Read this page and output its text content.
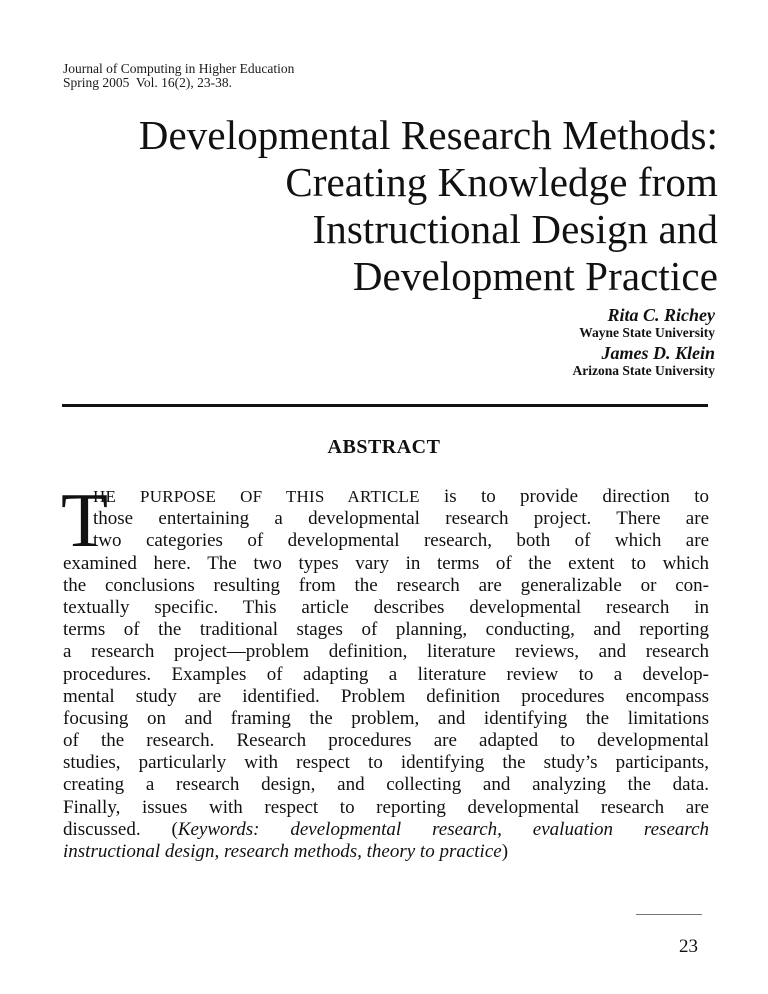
Journal of Computing in Higher Education
Spring 2005  Vol. 16(2), 23-38.
Developmental Research Methods:
Creating Knowledge from
Instructional Design and
Development Practice
Rita C. Richey
Wayne State University
James D. Klein
Arizona State University
ABSTRACT
T
HE PURPOSE OF THIS ARTICLE is to provide direction to
those entertaining a developmental research project. There are
two categories of developmental research, both of which are
examined here. The two types vary in terms of the extent to which
the conclusions resulting from the research are generalizable or con-
textually specific. This article describes developmental research in
terms of the traditional stages of planning, conducting, and reporting
a research project—problem definition, literature reviews, and research
procedures. Examples of adapting a literature review to a develop-
mental study are identified. Problem definition procedures encompass
focusing on and framing the problem, and identifying the limitations
of the research. Research procedures are adapted to developmental
studies, particularly with respect to identifying the study’s participants,
creating a research design, and collecting and analyzing the data.
Finally, issues with respect to reporting developmental research are
discussed. (Keywords: developmental research, evaluation research
instructional design, research methods, theory to practice)
23
